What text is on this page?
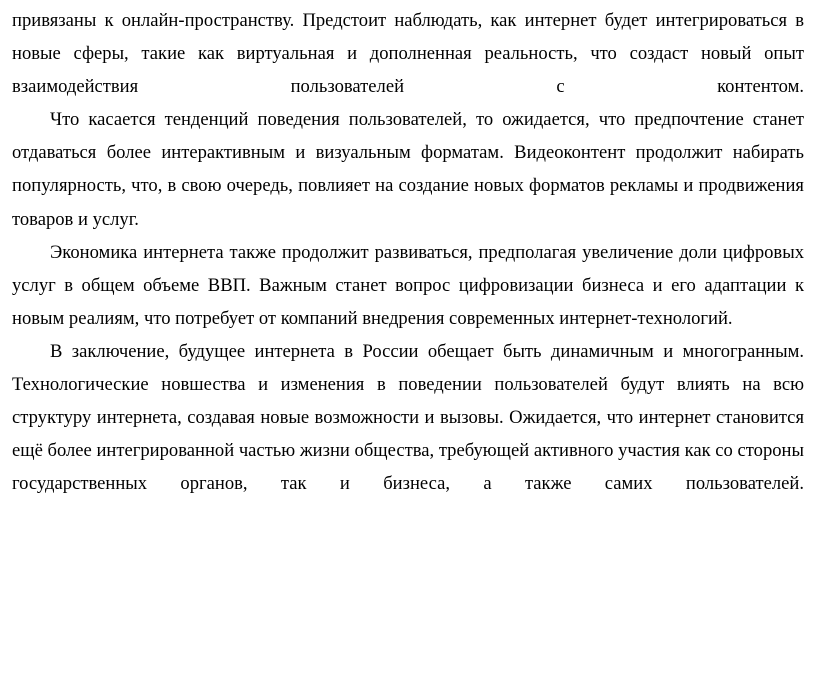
привязаны к онлайн-пространству. Предстоит наблюдать, как интернет будет интегрироваться в новые сферы, такие как виртуальная и дополненная реальность, что создаст новый опыт взаимодействия пользователей с контентом.

Что касается тенденций поведения пользователей, то ожидается, что предпочтение станет отдаваться более интерактивным и визуальным форматам. Видеоконтент продолжит набирать популярность, что, в свою очередь, повлияет на создание новых форматов рекламы и продвижения товаров и услуг.

Экономика интернета также продолжит развиваться, предполагая увеличение доли цифровых услуг в общем объеме ВВП. Важным станет вопрос цифровизации бизнеса и его адаптации к новым реалиям, что потребует от компаний внедрения современных интернет-технологий.

В заключение, будущее интернета в России обещает быть динамичным и многогранным. Технологические новшества и изменения в поведении пользователей будут влиять на всю структуру интернета, создавая новые возможности и вызовы. Ожидается, что интернет становится ещё более интегрированной частью жизни общества, требующей активного участия как со стороны государственных органов, так и бизнеса, а также самих пользователей.
